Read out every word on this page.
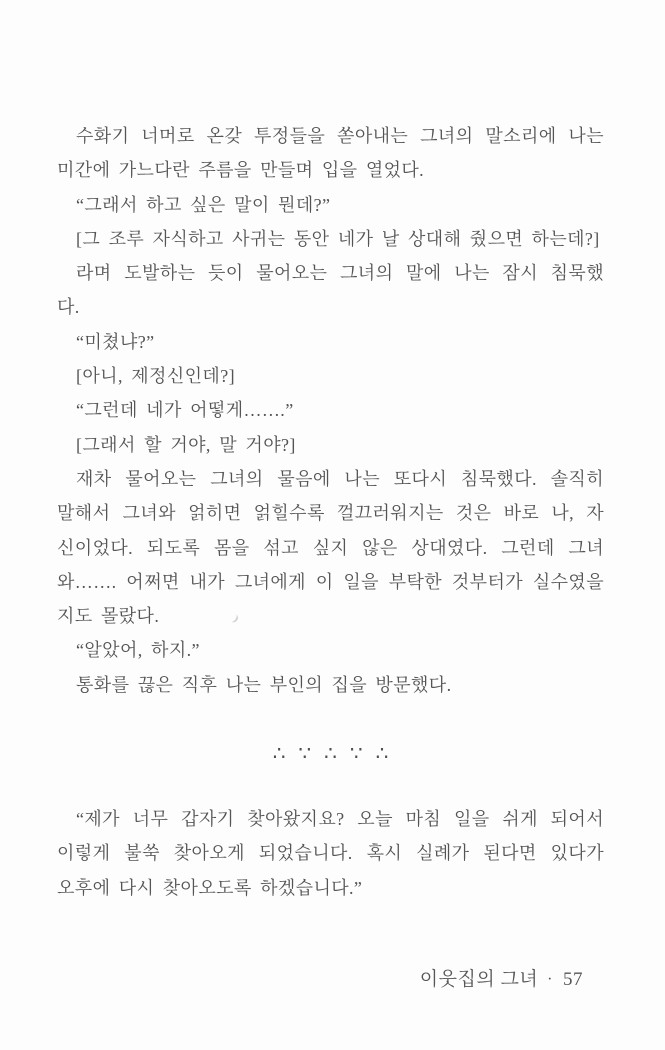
수화기 너머로 온갖 투정들을 쏟아내는 그녀의 말소리에 나는

미간에 가느다란 주름을 만들며 입을 열었다.

“그래서 하고 싶은 말이 뭔데?”

[그 조루 자식하고 사귀는 동안 네가 날 상대해 줬으면 하는데?]

라며 도발하는 듯이 물어오는 그녀의 말에 나는 잠시 침묵했

다.

“미쳤냐?”

[아니, 제정신인데?]

“그런데 네가 어떻게…….”

[그래서 할 거야, 말 거야?]

재차 물어오는 그녀의 물음에 나는 또다시 침묵했다. 솔직히

말해서 그녀와 얽히면 얽힐수록 껄끄러워지는 것은 바로 나, 자

신이었다. 되도록 몸을 섞고 싶지 않은 상대였다. 그런데 그녀

와……. 어쩌면 내가 그녀에게 이 일을 부탁한 것부터가 실수였을

지도 몰랐다.

“알았어, 하지.”

통화를 끊은 직후 나는 부인의 집을 방문했다.

∴∵∴∵∴

“제가 너무 갑자기 찾아왔지요? 오늘 마침 일을 쉬게 되어서

이렇게 불쑥 찾아오게 되었습니다. 혹시 실례가 된다면 있다가

오후에 다시 찾아오도록 하겠습니다.”

이웃집의 그녀 · 57
